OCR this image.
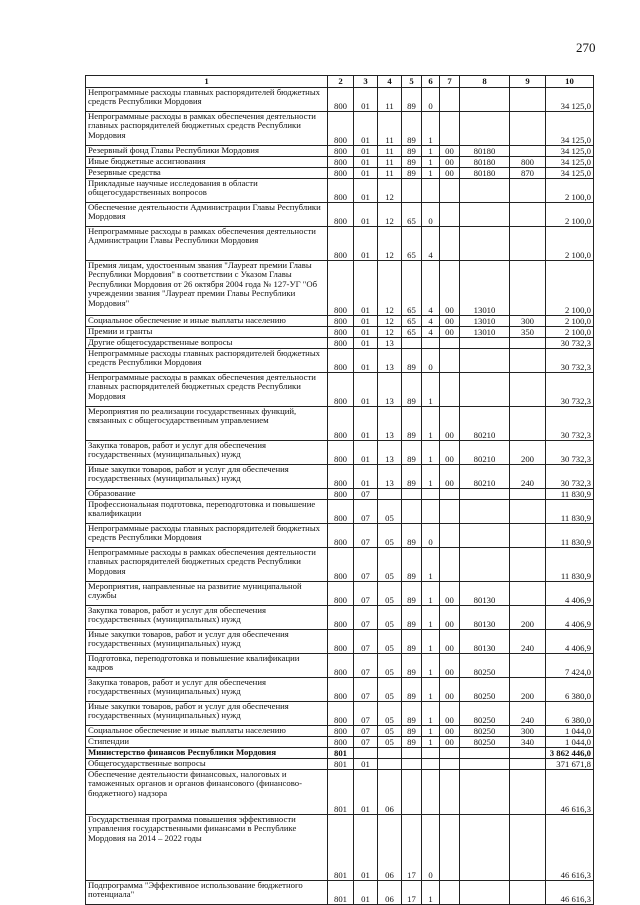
270
1	2	3	4	5	6	7	8	9	10
Непрограммные расходы главных распорядителей бюджетных средств Республики Мордовия	800	01	11	89	0				34 125,0
Непрограммные расходы в рамках обеспечения деятельности главных распорядителей бюджетных средств Республики Мордовия	800	01	11	89	1				34 125,0
Резервный фонд Главы Республики Мордовия	800	01	11	89	1	00	80180		34 125,0
Иные бюджетные ассигнования	800	01	11	89	1	00	80180	800	34 125,0
Резервные средства	800	01	11	89	1	00	80180	870	34 125,0
Прикладные научные исследования в области общегосударственных вопросов	800	01	12						2 100,0
Обеспечение деятельности Администрации Главы Республики Мордовия	800	01	12	65	0				2 100,0
Непрограммные расходы в рамках обеспечения деятельности Администрации Главы Республики Мордовия	800	01	12	65	4				2 100,0
Премия лицам, удостоенным звания "Лауреат премии Главы Республики Мордовия" в соответствии с Указом Главы Республики Мордовия от 26 октября 2004 года № 127-УГ "Об учреждении звания "Лауреат премии Главы Республики Мордовия"	800	01	12	65	4	00	13010		2 100,0
Социальное обеспечение и иные выплаты населению	800	01	12	65	4	00	13010	300	2 100,0
Премии и гранты	800	01	12	65	4	00	13010	350	2 100,0
Другие общегосударственные вопросы	800	01	13						30 732,3
Непрограммные расходы главных распорядителей бюджетных средств Республики Мордовия	800	01	13	89	0				30 732,3
Непрограммные расходы в рамках обеспечения деятельности главных распорядителей бюджетных средств Республики Мордовия	800	01	13	89	1				30 732,3
Мероприятия по реализации государственных функций, связанных с общегосударственным управлением	800	01	13	89	1	00	80210		30 732,3
Закупка товаров, работ и услуг для обеспечения государственных (муниципальных) нужд	800	01	13	89	1	00	80210	200	30 732,3
Иные закупки товаров, работ и услуг для обеспечения государственных (муниципальных) нужд	800	01	13	89	1	00	80210	240	30 732,3
Образование	800	07							11 830,9
Профессиональная подготовка, переподготовка и повышение квалификации	800	07	05						11 830,9
Непрограммные расходы главных распорядителей бюджетных средств Республики Мордовия	800	07	05	89	0				11 830,9
Непрограммные расходы в рамках обеспечения деятельности главных распорядителей бюджетных средств Республики Мордовия	800	07	05	89	1				11 830,9
Мероприятия, направленные на развитие муниципальной службы	800	07	05	89	1	00	80130		4 406,9
Закупка товаров, работ и услуг для обеспечения государственных (муниципальных) нужд	800	07	05	89	1	00	80130	200	4 406,9
Иные закупки товаров, работ и услуг для обеспечения государственных (муниципальных) нужд	800	07	05	89	1	00	80130	240	4 406,9
Подготовка, переподготовка и повышение квалификации кадров	800	07	05	89	1	00	80250		7 424,0
Закупка товаров, работ и услуг для обеспечения государственных (муниципальных) нужд	800	07	05	89	1	00	80250	200	6 380,0
Иные закупки товаров, работ и услуг для обеспечения государственных (муниципальных) нужд	800	07	05	89	1	00	80250	240	6 380,0
Социальное обеспечение и иные выплаты населению	800	07	05	89	1	00	80250	300	1 044,0
Стипендии	800	07	05	89	1	00	80250	340	1 044,0
Министерство финансов Республики Мордовия	801								3 862 446,0
Общегосударственные вопросы	801	01							371 671,8
Обеспечение деятельности финансовых, налоговых и таможенных органов и органов финансового (финансово-бюджетного) надзора	801	01	06						46 616,3
Государственная программа повышения эффективности управления государственными финансами в Республике Мордовия на 2014 – 2022 годы	801	01	06	17	0				46 616,3
Подпрограмма "Эффективное использование бюджетного потенциала"	801	01	06	17	1				46 616,3
